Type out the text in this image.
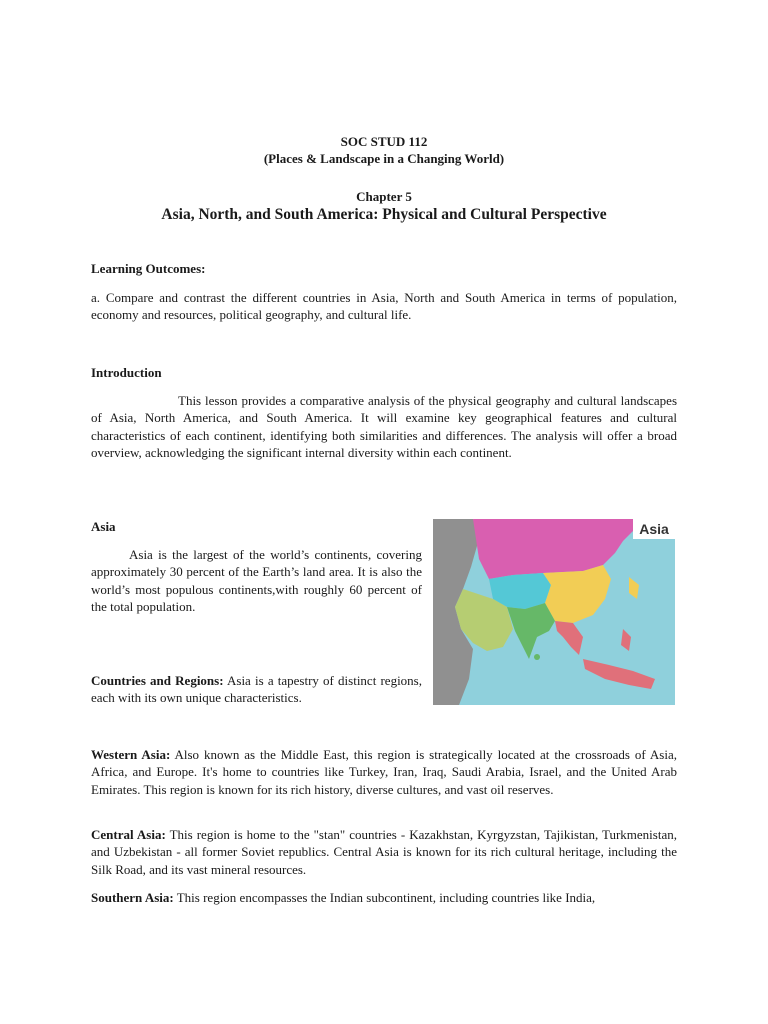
SOC STUD 112
(Places & Landscape in a Changing World)
Chapter 5
Asia, North, and South America: Physical and Cultural Perspective

Learning Outcomes:

a. Compare and contrast the different countries in Asia, North and South America in terms of population, economy and resources, political geography, and cultural life.

Introduction

This lesson provides a comparative analysis of the physical geography and cultural landscapes of Asia, North America, and South America. It will examine key geographical features and cultural characteristics of each continent, identifying both similarities and differences. The analysis will offer a broad overview, acknowledging the significant internal diversity within each continent.

Asia

Asia is the largest of the world’s continents, covering approximately 30 percent of the Earth’s land area. It is also the world’s most populous continents,with roughly 60 percent of the total population.

Countries and Regions: Asia is a tapestry of distinct regions, each with its own unique characteristics.

Asia

Western Asia: Also known as the Middle East, this region is strategically located at the crossroads of Asia, Africa, and Europe. It's home to countries like Turkey, Iran, Iraq, Saudi Arabia, Israel, and the United Arab Emirates. This region is known for its rich history, diverse cultures, and vast oil reserves.

Central Asia: This region is home to the "stan" countries - Kazakhstan, Kyrgyzstan, Tajikistan, Turkmenistan, and Uzbekistan - all former Soviet republics. Central Asia is known for its rich cultural heritage, including the Silk Road, and its vast mineral resources.

Southern Asia: This region encompasses the Indian subcontinent, including countries like India,
